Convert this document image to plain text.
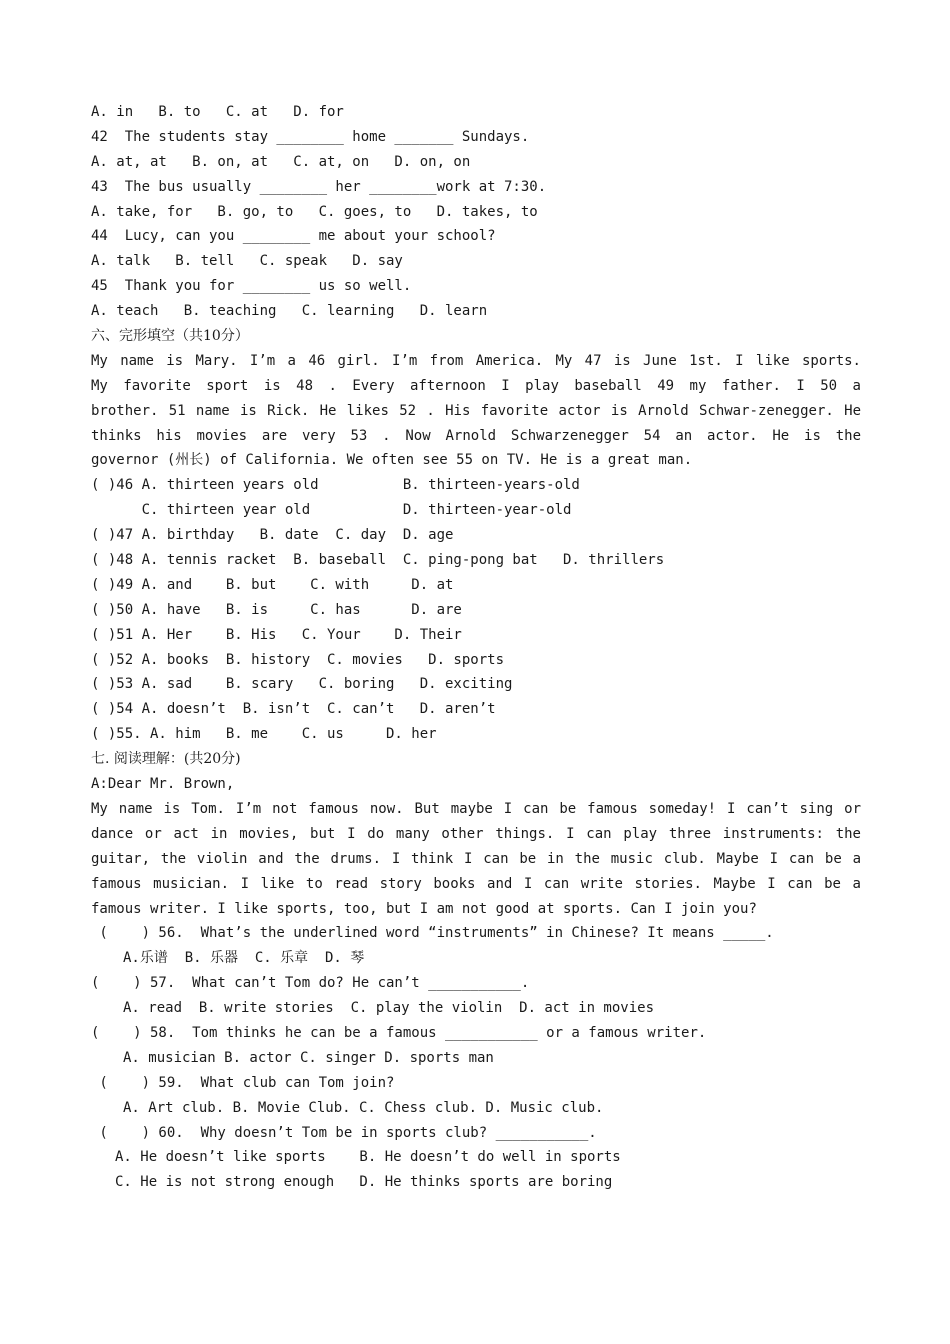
A. in   B. to   C. at   D. for
42  The students stay ________ home _______ Sundays.
A. at, at   B. on, at   C. at, on   D. on, on
43  The bus usually ________ her ________work at 7:30.
A. take, for   B. go, to   C. goes, to   D. takes, to
44  Lucy, can you ________ me about your school?
A. talk   B. tell   C. speak   D. say
45  Thank you for ________ us so well.
A. teach   B. teaching   C. learning   D. learn
六、完形填空（共10分）
My name is Mary. I’m a 46 girl. I’m from America. My 47 is June 1st. I like sports.
My favorite sport is 48 . Every afternoon I play baseball 49 my father. I 50 a
brother. 51 name is Rick. He likes 52 . His favorite actor is Arnold Schwar-zenegger. He
thinks his movies are very 53 . Now Arnold Schwarzenegger 54 an actor. He is the
governor (州长) of California. We often see 55 on TV. He is a great man.
( )46 A. thirteen years old          B. thirteen-years-old
C. thirteen year old           D. thirteen-year-old
( )47 A. birthday   B. date  C. day  D. age
( )48 A. tennis racket  B. baseball  C. ping-pong bat   D. thrillers
( )49 A. and    B. but    C. with     D. at
( )50 A. have   B. is     C. has      D. are
( )51 A. Her    B. His   C. Your    D. Their
( )52 A. books  B. history  C. movies   D. sports
( )53 A. sad    B. scary   C. boring   D. exciting
( )54 A. doesn’t  B. isn’t  C. can’t   D. aren’t
( )55. A. him   B. me    C. us     D. her
七. 阅读理解：(共20分)
A:Dear Mr. Brown,
My name is Tom. I’m not famous now. But maybe I can be famous someday! I can’t sing or
dance or act in movies, but I do many other things. I can play three instruments: the
guitar, the violin and the drums. I think I can be in the music club. Maybe I can be a
famous musician. I like to read story books and I can write stories. Maybe I can be a
famous writer. I like sports, too, but I am not good at sports. Can I join you?
(    ) 56.  What’s the underlined word “instruments” in Chinese? It means _____.
A.乐谱  B. 乐器  C. 乐章  D. 琴
(    ) 57.  What can’t Tom do? He can’t ___________.
A. read  B. write stories  C. play the violin  D. act in movies
(    ) 58.  Tom thinks he can be a famous ___________ or a famous writer.
A. musician B. actor C. singer D. sports man
(    ) 59.  What club can Tom join?
A. Art club. B. Movie Club. C. Chess club. D. Music club.
(    ) 60.  Why doesn’t Tom be in sports club? ___________.
A. He doesn’t like sports    B. He doesn’t do well in sports
C. He is not strong enough   D. He thinks sports are boring
